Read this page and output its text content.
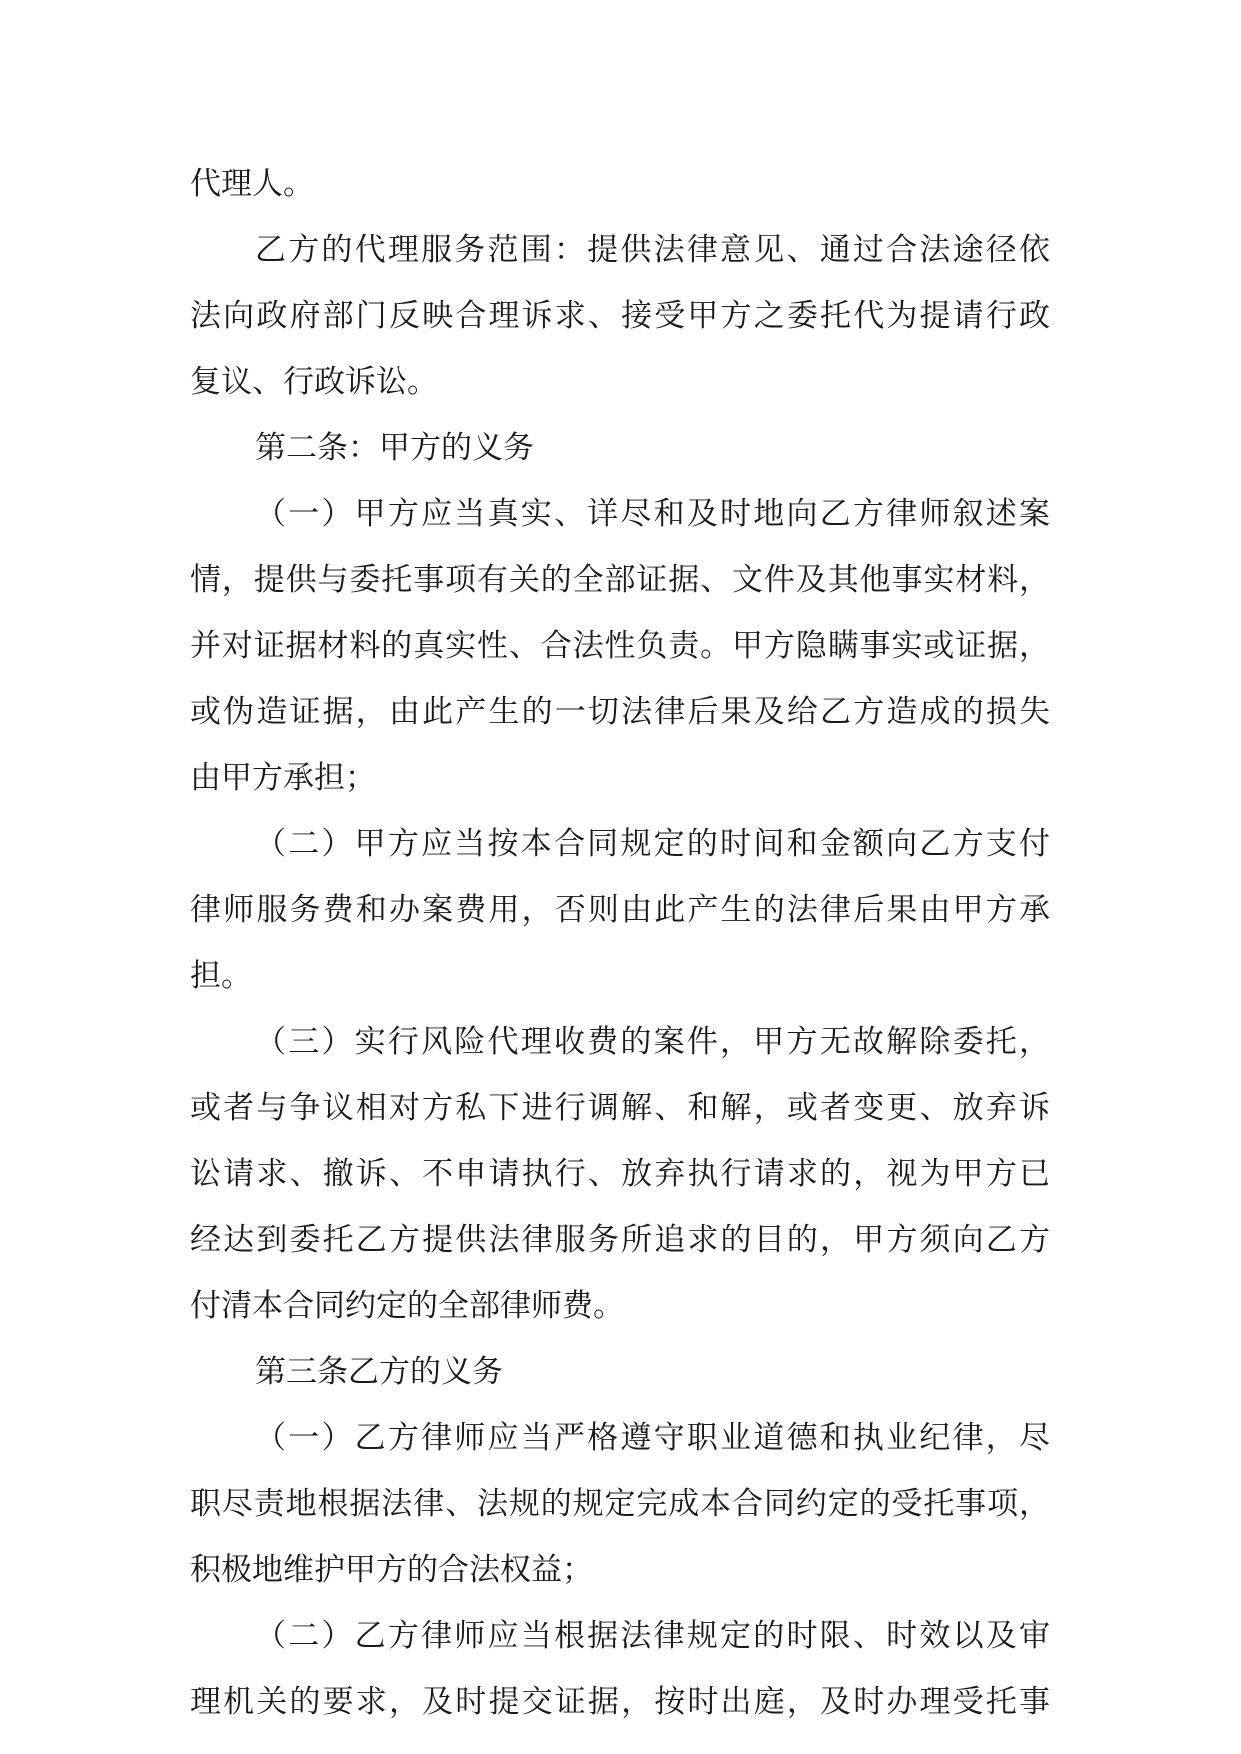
代理人。
乙方的代理服务范围：提供法律意见、通过合法途径依
法向政府部门反映合理诉求、接受甲方之委托代为提请行政
复议、行政诉讼。
第二条：甲方的义务
（一）甲方应当真实、详尽和及时地向乙方律师叙述案
情，提供与委托事项有关的全部证据、文件及其他事实材料，
并对证据材料的真实性、合法性负责。甲方隐瞒事实或证据，
或伪造证据，由此产生的一切法律后果及给乙方造成的损失
由甲方承担；
（二）甲方应当按本合同规定的时间和金额向乙方支付
律师服务费和办案费用，否则由此产生的法律后果由甲方承
担。
（三）实行风险代理收费的案件，甲方无故解除委托，
或者与争议相对方私下进行调解、和解，或者变更、放弃诉
讼请求、撤诉、不申请执行、放弃执行请求的，视为甲方已
经达到委托乙方提供法律服务所追求的目的，甲方须向乙方
付清本合同约定的全部律师费。
第三条乙方的义务
（一）乙方律师应当严格遵守职业道德和执业纪律，尽
职尽责地根据法律、法规的规定完成本合同约定的受托事项，
积极地维护甲方的合法权益；
（二）乙方律师应当根据法律规定的时限、时效以及审
理机关的要求，及时提交证据，按时出庭，及时办理受托事
